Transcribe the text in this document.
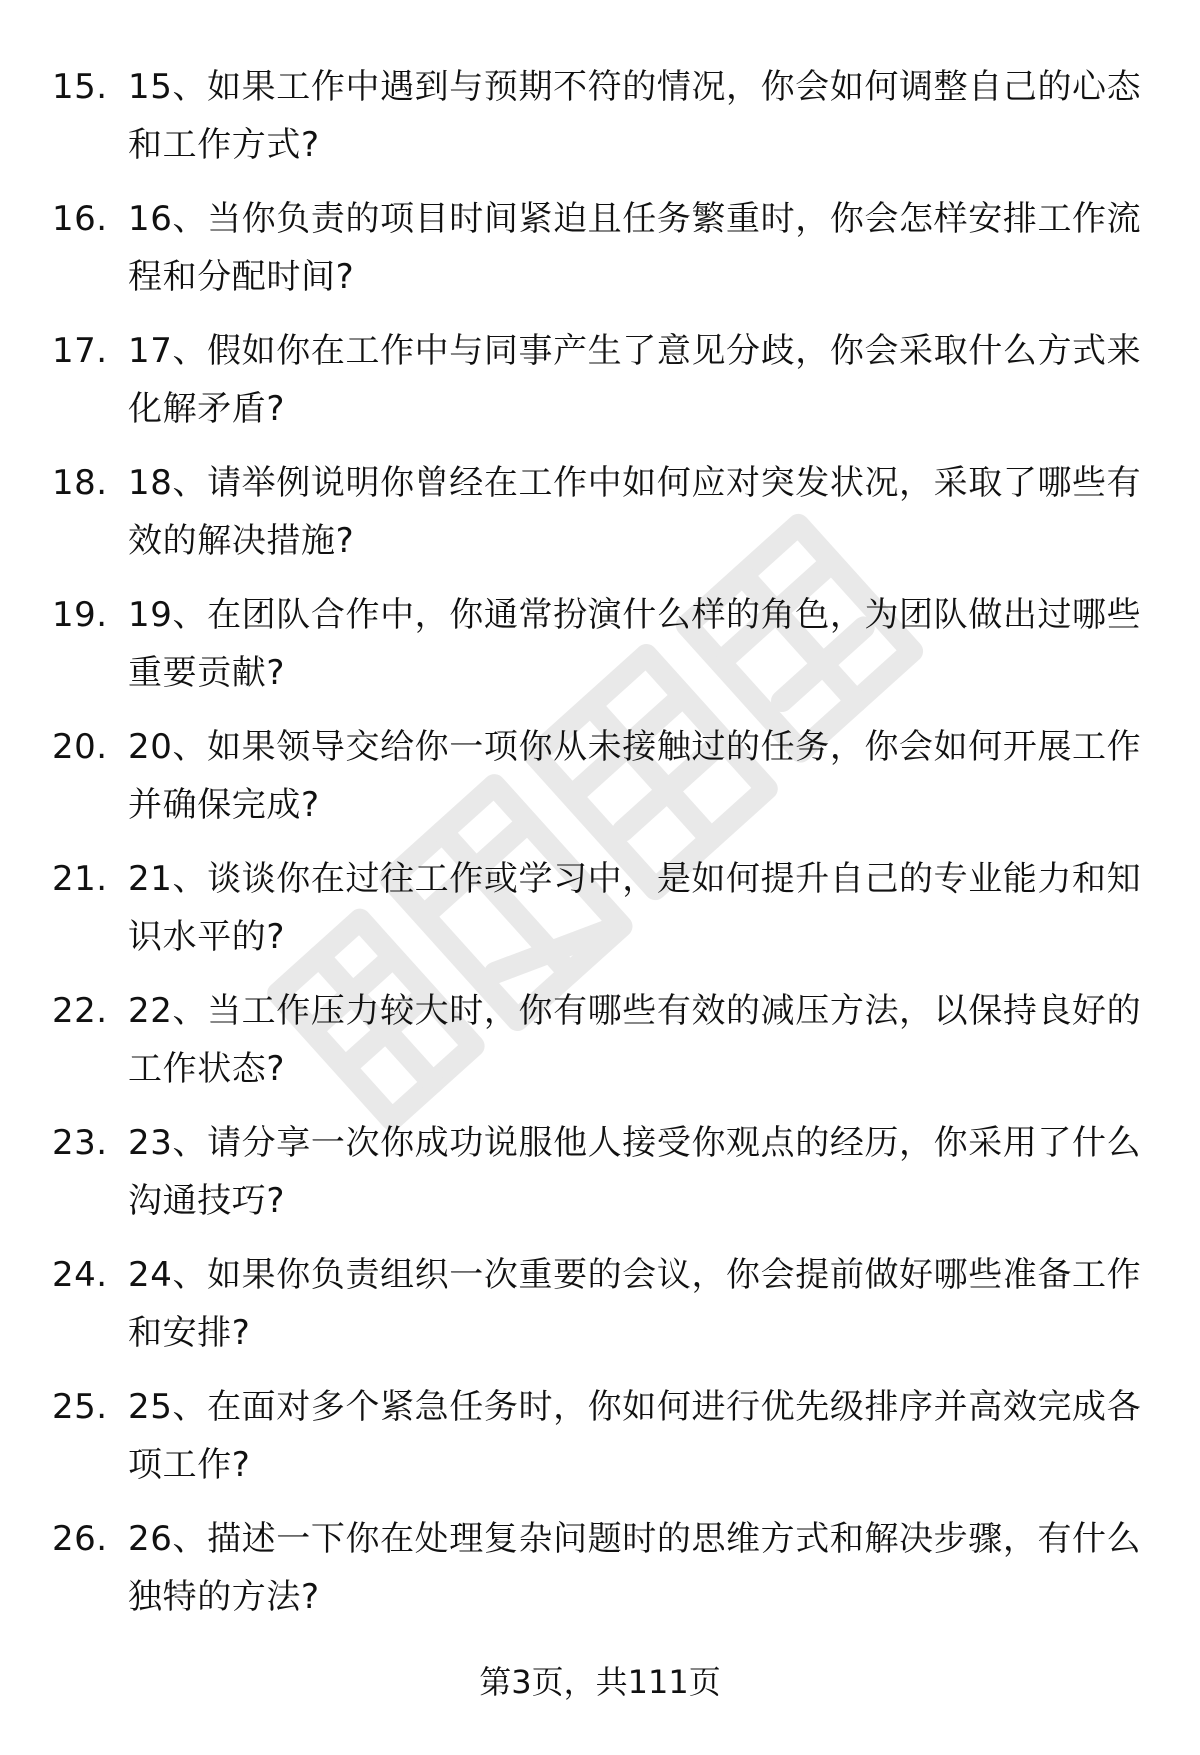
15. 15、如果工作中遇到与预期不符的情况，你会如何调整自己的心态和工作方式?
16. 16、当你负责的项目时间紧迫且任务繁重时，你会怎样安排工作流程和分配时间?
17. 17、假如你在工作中与同事产生了意见分歧，你会采取什么方式来化解矛盾?
18. 18、请举例说明你曾经在工作中如何应对突发状况，采取了哪些有效的解决措施?
19. 19、在团队合作中，你通常扮演什么样的角色，为团队做出过哪些重要贡献?
20. 20、如果领导交给你一项你从未接触过的任务，你会如何开展工作并确保完成?
21. 21、谈谈你在过往工作或学习中，是如何提升自己的专业能力和知识水平的?
22. 22、当工作压力较大时，你有哪些有效的减压方法，以保持良好的工作状态?
23. 23、请分享一次你成功说服他人接受你观点的经历，你采用了什么沟通技巧?
24. 24、如果你负责组织一次重要的会议，你会提前做好哪些准备工作和安排?
25. 25、在面对多个紧急任务时，你如何进行优先级排序并高效完成各项工作?
26. 26、描述一下你在处理复杂问题时的思维方式和解决步骤，有什么独特的方法?
第3页，共111页
